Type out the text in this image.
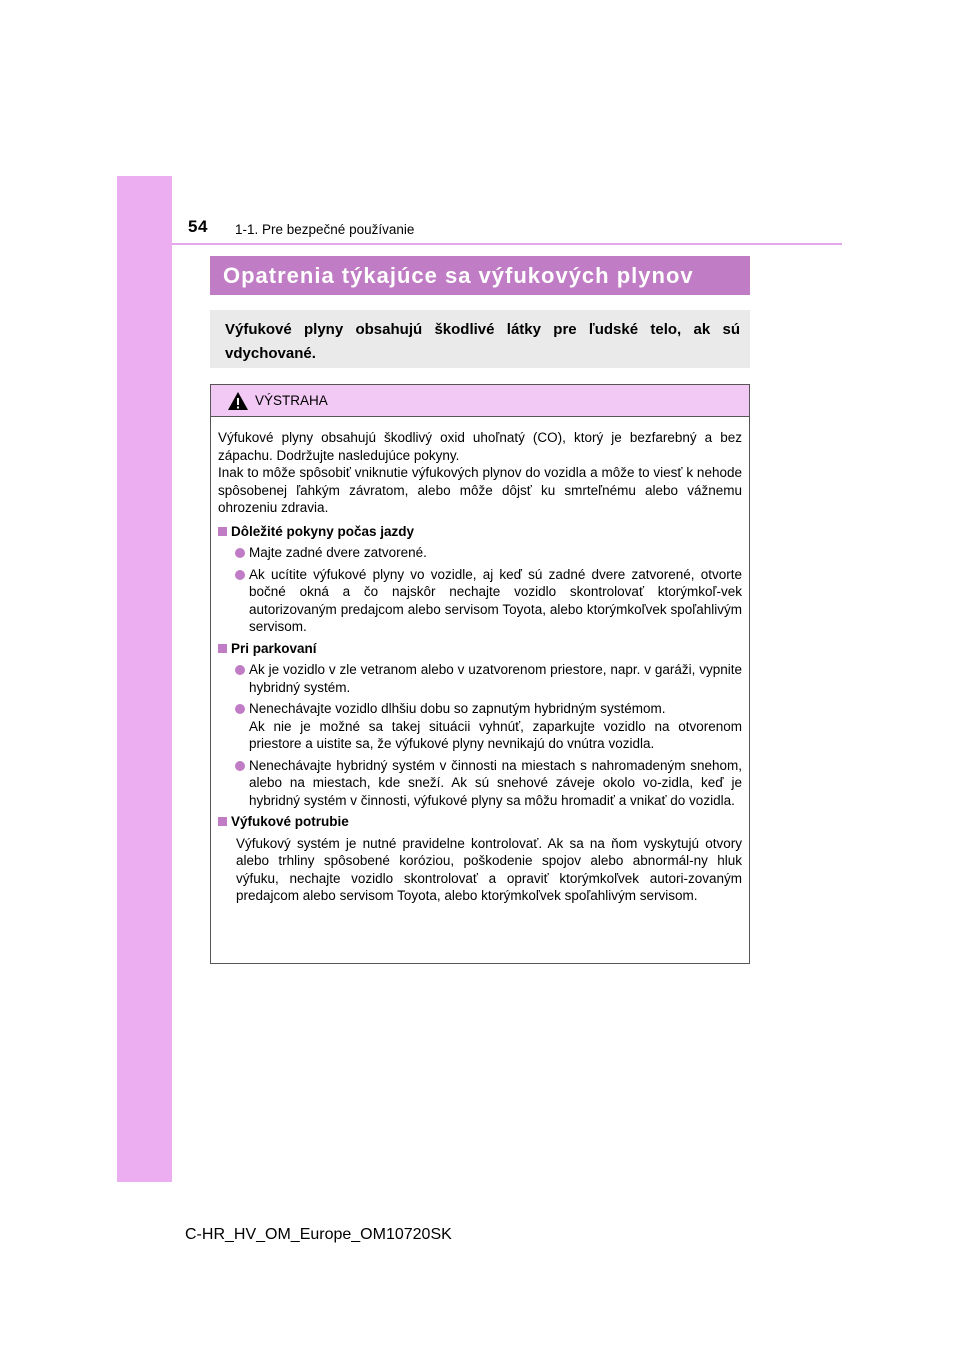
54 1-1. Pre bezpečné používanie
Opatrenia týkajúce sa výfukových plynov

Výfukové plyny obsahujú škodlivé látky pre ľudské telo, ak sú vdychované.

VÝSTRAHA

Výfukové plyny obsahujú škodlivý oxid uhoľnatý (CO), ktorý je bezfarebný a bez zápachu. Dodržujte nasledujúce pokyny.

Inak to môže spôsobiť vniknutie výfukových plynov do vozidla a môže to viesť k nehode spôsobenej ľahkým závratom, alebo môže dôjsť ku smrteľnému alebo vážnemu ohrozeniu zdravia.

Dôležité pokyny počas jazdy

Majte zadné dvere zatvorené.

Ak ucítite výfukové plyny vo vozidle, aj keď sú zadné dvere zatvorené, otvorte bočné okná a čo najskôr nechajte vozidlo skontrolovať ktorýmkoľ-vek autorizovaným predajcom alebo servisom Toyota, alebo ktorýmkoľvek spoľahlivým servisom.

Pri parkovaní

Ak je vozidlo v zle vetranom alebo v uzatvorenom priestore, napr. v garáži, vypnite hybridný systém.

Nenechávajte vozidlo dlhšiu dobu so zapnutým hybridným systémom.

Ak nie je možné sa takej situácii vyhnúť, zaparkujte vozidlo na otvorenom priestore a uistite sa, že výfukové plyny nevnikajú do vnútra vozidla.

Nenechávajte hybridný systém v činnosti na miestach s nahromadeným snehom, alebo na miestach, kde sneží. Ak sú snehové záveje okolo vo-zidla, keď je hybridný systém v činnosti, výfukové plyny sa môžu hromadiť a vnikať do vozidla.

Výfukové potrubie

Výfukový systém je nutné pravidelne kontrolovať. Ak sa na ňom vyskytujú otvory alebo trhliny spôsobené koróziou, poškodenie spojov alebo abnormál-ny hluk výfuku, nechajte vozidlo skontrolovať a opraviť ktorýmkoľvek autori-zovaným predajcom alebo servisom Toyota, alebo ktorýmkoľvek spoľahlivým servisom.

C-HR_HV_OM_Europe_OM10720SK
